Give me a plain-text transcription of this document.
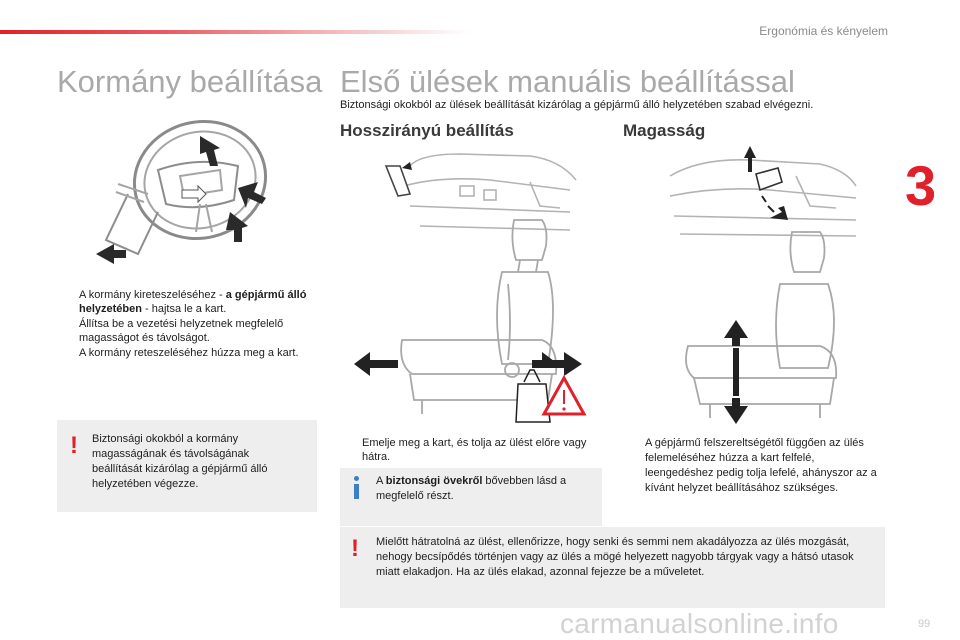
Ergonómia és kényelem
3
Kormány beállítása
A kormány kireteszeléséhez - a gépjármű álló helyzetében - hajtsa le a kart.
Állítsa be a vezetési helyzetnek megfelelő magasságot és távolságot.
A kormány reteszeléséhez húzza meg a kart.
! Biztonsági okokból a kormány magasságának és távolságának beállítását kizárólag a gépjármű álló helyzetében végezze.

Első ülések manuális beállítással
Biztonsági okokból az ülések beállítását kizárólag a gépjármű álló helyzetében szabad elvégezni.
Hosszirányú beállítás	Magasság
Emelje meg a kart, és tolja az ülést előre vagy hátra.

A biztonsági övekről bővebben lásd a megfelelő részt.

A gépjármű felszereltségétől függően az ülés felemeléséhez húzza a kart felfelé, leengedéshez pedig tolja lefelé, ahányszor az a kívánt helyzet beállításához szükséges.
! Mielőtt hátratolná az ülést, ellenőrizze, hogy senki és semmi nem akadályozza az ülés mozgását, nehogy becsípődés történjen vagy az ülés a mögé helyezett nagyobb tárgyak vagy a hátsó utasok miatt elakadjon. Ha az ülés elakad, azonnal fejezze be a műveletet.

99
carmanualsonline.info
